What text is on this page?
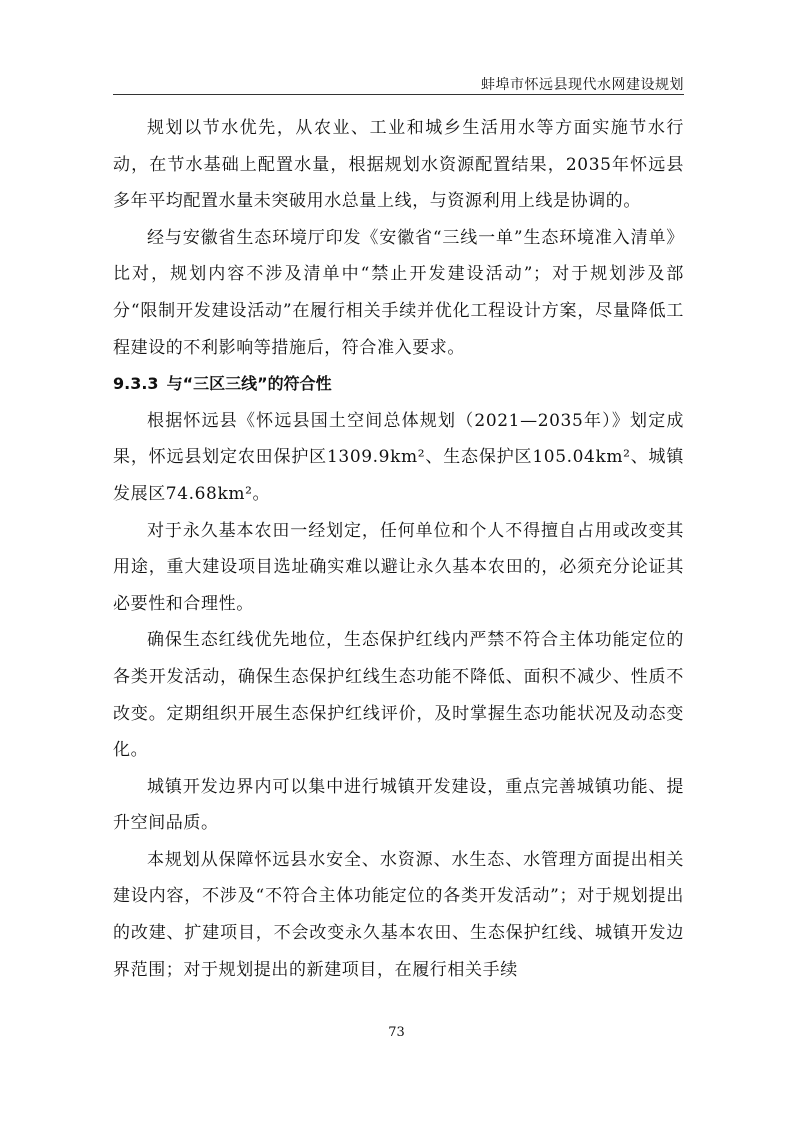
蚌埠市怀远县现代水网建设规划

规划以节水优先，从农业、工业和城乡生活用水等方面实施节水行动，在节水基础上配置水量，根据规划水资源配置结果，2035年怀远县多年平均配置水量未突破用水总量上线，与资源利用上线是协调的。

经与安徽省生态环境厅印发《安徽省“三线一单”生态环境准入清单》比对，规划内容不涉及清单中“禁止开发建设活动”；对于规划涉及部分“限制开发建设活动”在履行相关手续并优化工程设计方案，尽量降低工程建设的不利影响等措施后，符合准入要求。

9.3.3 与“三区三线”的符合性

根据怀远县《怀远县国土空间总体规划（2021—2035年）》划定成果，怀远县划定农田保护区1309.9km²、生态保护区105.04km²、城镇发展区74.68km²。

对于永久基本农田一经划定，任何单位和个人不得擅自占用或改变其用途，重大建设项目选址确实难以避让永久基本农田的，必须充分论证其必要性和合理性。

确保生态红线优先地位，生态保护红线内严禁不符合主体功能定位的各类开发活动，确保生态保护红线生态功能不降低、面积不减少、性质不改变。定期组织开展生态保护红线评价，及时掌握生态功能状况及动态变化。

城镇开发边界内可以集中进行城镇开发建设，重点完善城镇功能、提升空间品质。

本规划从保障怀远县水安全、水资源、水生态、水管理方面提出相关建设内容，不涉及“不符合主体功能定位的各类开发活动”；对于规划提出的改建、扩建项目，不会改变永久基本农田、生态保护红线、城镇开发边界范围；对于规划提出的新建项目，在履行相关手续

73
